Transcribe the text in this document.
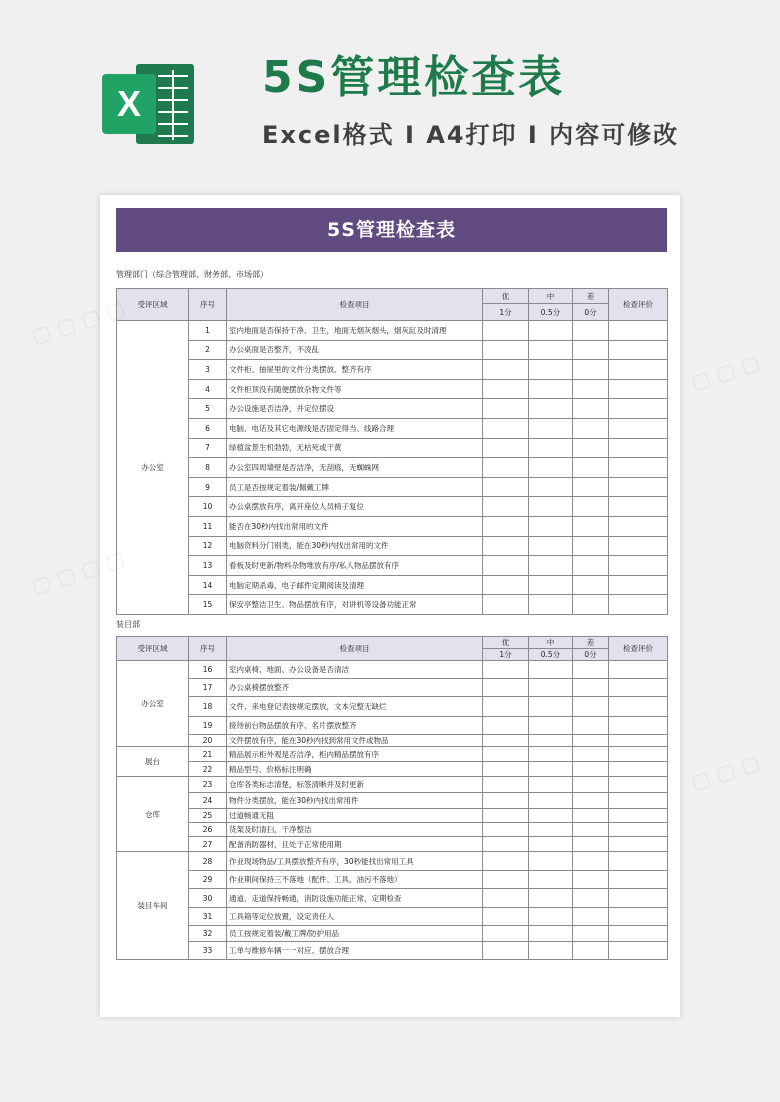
X
5S管理检查表
Excel格式 I A4打印 I 内容可修改
5S管理检查表
管理部门（综合管理部、财务部、市场部）
受评区域	序号	检查项目	优	中	差	检查评价
			1分	0.5分	0分	
办公室	1	室内地面是否保持干净、卫生，地面无烟灰烟头，烟灰缸及时清理				
	2	办公桌面是否整齐，不凌乱				
	3	文件柜、抽屉里的文件分类摆放、整齐有序				
	4	文件柜顶没有随便摆放杂物文件等				
	5	办公设施是否洁净，并定位摆设				
	6	电脑、电话及其它电源线是否固定得当、线路合理				
	7	绿植盆景生机勃勃，无枯死或干黄				
	8	办公室四周墙壁是否洁净，无刮痕，无蜘蛛网				
	9	员工是否按规定着装/佩戴工牌				
	10	办公桌摆放有序，离开座位人员椅子复位				
	11	能否在30秒内找出常用的文件				
	12	电脑资料分门别类，能在30秒内找出常用的文件				
	13	看板及时更新/物料杂物堆放有序/私人物品摆放有序				
	14	电脑定期杀毒，电子邮件定期阅读及清理				
	15	保安亭整洁卫生、物品摆放有序，对讲机等设备功能正常				
装目部
受评区域	序号	检查项目	优	中	差	检查评价
			1分	0.5分	0分	
办公室	16	室内桌椅、地面、办公设备是否清洁				
	17	办公桌椅摆放整齐				
	18	文件、来电登记表按规定摆放，文本完整无缺烂				
	19	接待前台物品摆放有序、名片摆放整齐				
	20	文件摆放有序，能在30秒内找到常用文件或物品				
展台	21	精品展示柜外观是否洁净，柜内精品摆放有序				
	22	精品型号、价格标注明确				
仓库	23	仓库各类标志清楚，标签清晰并及时更新				
	24	物件分类摆放，能在30秒内找出常用件				
	25	过道畅通无阻				
	26	货架及时清扫，干净整洁				
	27	配备消防器材，且处于正常使用期				
装目车间	28	作业现场物品/工具摆放整齐有序，30秒能找出常用工具				
	29	作业期间保持三不落地（配件、工具、油污不落地）				
	30	通道、走道保持畅通，消防设施功能正常，定期检查				
	31	工具箱等定位放置，设定责任人				
	32	员工按规定着装/戴工牌/防护用品				
	33	工单与维修车辆一一对应、摆放合理				
▢ ▢ ▢ ▢
▢ ▢ ▢
▢ ▢ ▢ ▢
▢ ▢ ▢
